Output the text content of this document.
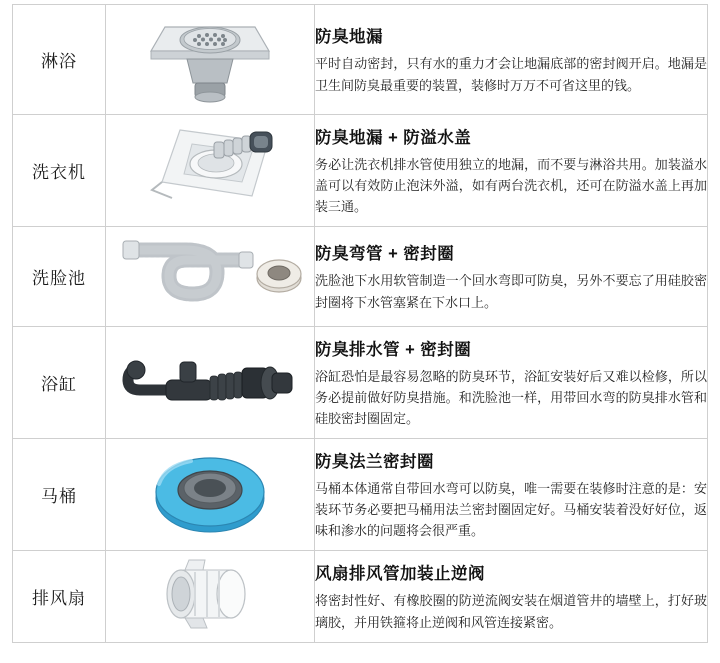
淋浴		防臭地漏

平时自动密封，只有水的重力才会让地漏底部的密封阀开启。地漏是卫生间防臭最重要的装置，装修时万万不可省这里的钱。

洗衣机		防臭地漏 + 防溢水盖

务必让洗衣机排水管使用独立的地漏，而不要与淋浴共用。加装溢水盖可以有效防止泡沫外溢，如有两台洗衣机，还可在防溢水盖上再加装三通。

洗脸池		防臭弯管 + 密封圈

洗脸池下水用软管制造一个回水弯即可防臭，另外不要忘了用硅胶密封圈将下水管塞紧在下水口上。

浴缸		防臭排水管 + 密封圈

浴缸恐怕是最容易忽略的防臭环节，浴缸安装好后又难以检修，所以务必提前做好防臭措施。和洗脸池一样，用带回水弯的防臭排水管和硅胶密封圈固定。

马桶		防臭法兰密封圈

马桶本体通常自带回水弯可以防臭，唯一需要在装修时注意的是：安装环节务必要把马桶用法兰密封圈固定好。马桶安装着没好好位，返味和渗水的问题将会很严重。

排风扇		风扇排风管加装止逆阀

将密封性好、有橡胶圈的防逆流阀安装在烟道管井的墙壁上，打好玻璃胶，并用铁箍将止逆阀和风管连接紧密。
